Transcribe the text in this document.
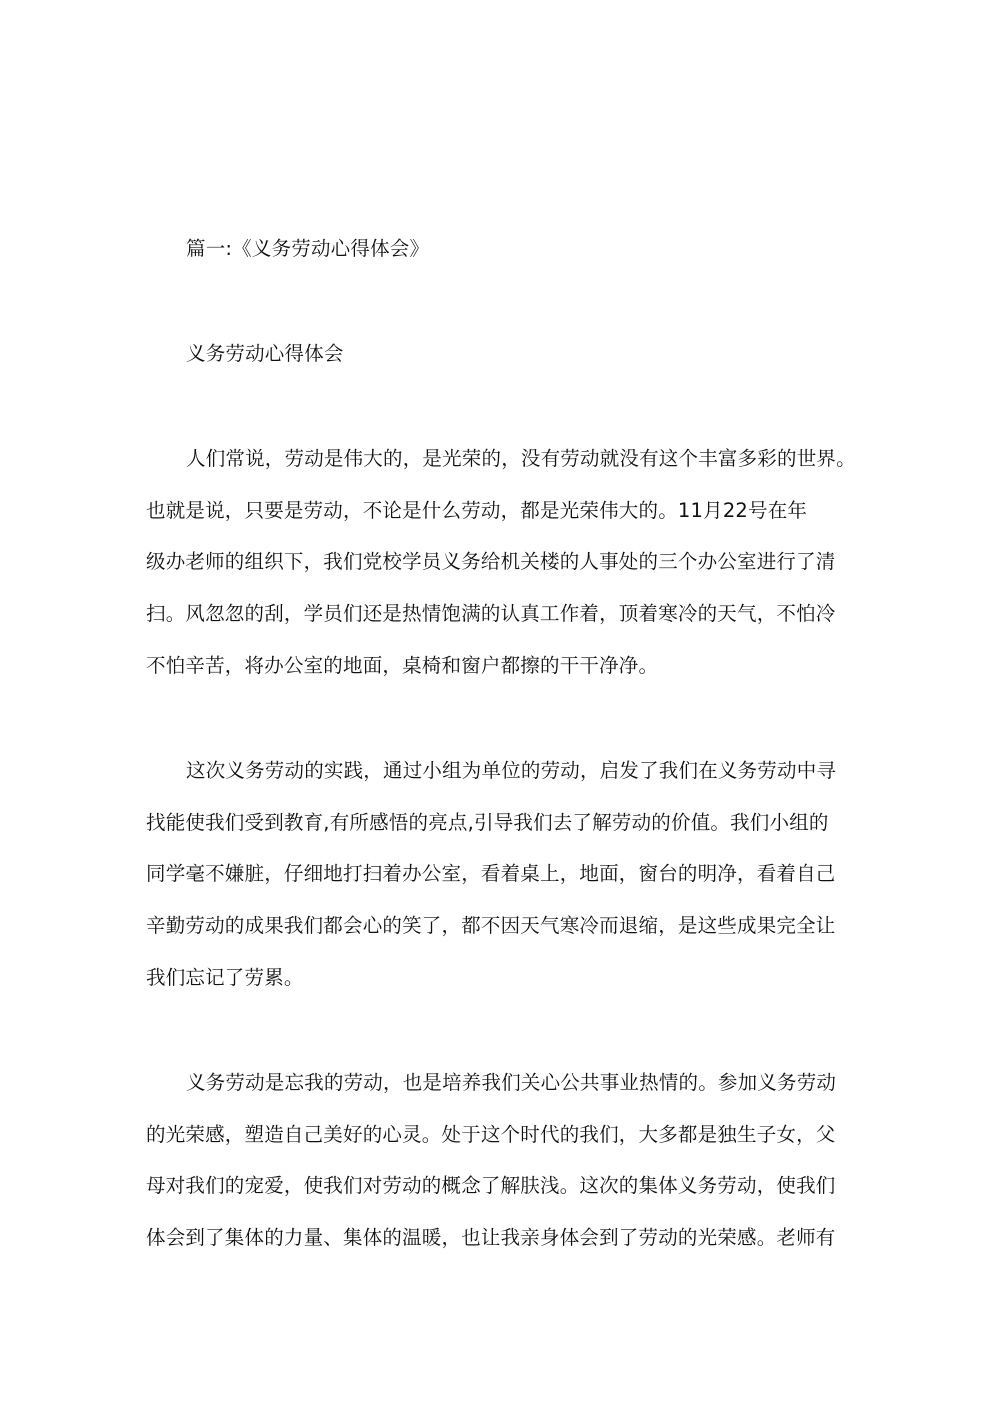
篇一:《义务劳动心得体会》
义务劳动心得体会
人们常说，劳动是伟大的，是光荣的，没有劳动就没有这个丰富多彩的世界。
也就是说，只要是劳动，不论是什么劳动，都是光荣伟大的。11月22号在年
级办老师的组织下，我们党校学员义务给机关楼的人事处的三个办公室进行了清
扫。风忽忽的刮，学员们还是热情饱满的认真工作着，顶着寒冷的天气，不怕冷
不怕辛苦，将办公室的地面，桌椅和窗户都擦的干干净净。
这次义务劳动的实践，通过小组为单位的劳动，启发了我们在义务劳动中寻
找能使我们受到教育,有所感悟的亮点,引导我们去了解劳动的价值。我们小组的
同学毫不嫌脏，仔细地打扫着办公室，看着桌上，地面，窗台的明净，看着自己
辛勤劳动的成果我们都会心的笑了，都不因天气寒冷而退缩，是这些成果完全让
我们忘记了劳累。
义务劳动是忘我的劳动，也是培养我们关心公共事业热情的。参加义务劳动
的光荣感，塑造自己美好的心灵。处于这个时代的我们，大多都是独生子女，父
母对我们的宠爱，使我们对劳动的概念了解肤浅。这次的集体义务劳动，使我们
体会到了集体的力量、集体的温暖，也让我亲身体会到了劳动的光荣感。老师有
